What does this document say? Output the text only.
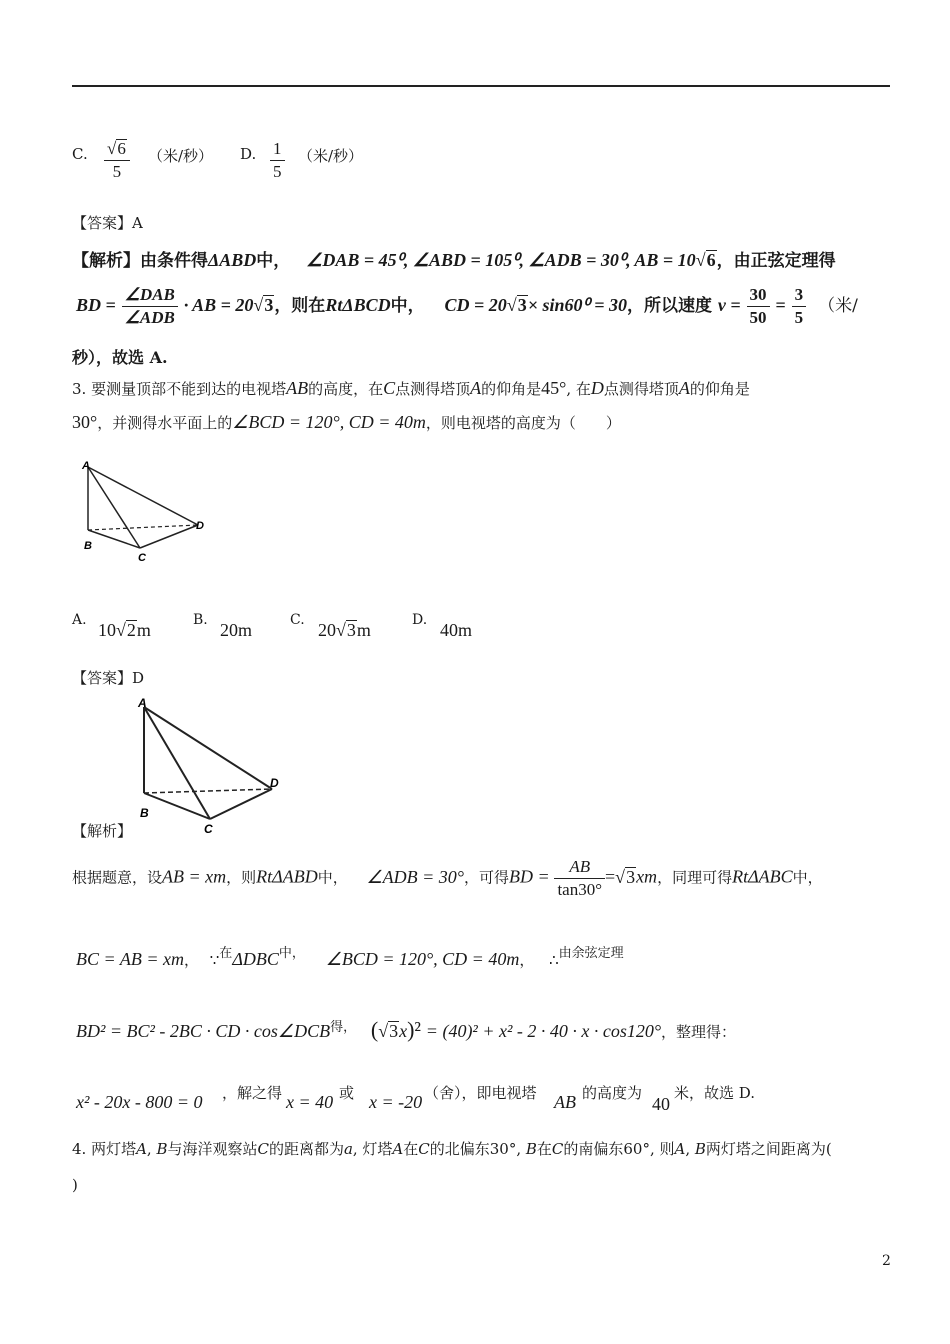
C. $\frac{√6}{5}$ （米/秒） D. $\frac{1}{5}$ （米/秒）
【答案】A
【解析】由条件得ΔABD中， ∠DAB = 45⁰, ∠ABD = 105⁰, ∠ADB = 30⁰, AB = 10√6，由正弦定理得
BD = $\frac{\text{∠DAB}}{\text{∠ADB}}$ · AB = 20√3，则在RtΔBCD中， CD = 20√3× sin60⁰ = 30，所以速度 $v = \frac{30}{50} = \frac{3}{5}$ （米/
秒），故选 A.
3. 要测量顶部不能到达的电视塔AB的高度，在C点测得塔顶A的仰角是45°, 在D点测得塔顶A的仰角是
30°，并测得水平面上的∠BCD = 120°, CD = 40m，则电视塔的高度为（　　）
A
B
C
D
A. 10√2m	B. 20m	C. 20√3m	D. 40m
【答案】D
A
B
C
D
【解析】
根据题意，设AB = xm，则RtΔABD中， ∠ADB = 30°，可得BD = $\frac{AB}{\tan 30^\circ} =√3xm$，同理可得RtΔABC中，
BC = AB = xm， ∵在ΔDBC中， ∠BCD = 120°, CD = 40m， ∴由余弦定理
BD² = BC² - 2BC · CD · cos∠DCB得， (√3x)² = (40)² + x² - 2 · 40 · x · cos120°，整理得：
x² - 20x - 800 = 0 ，解之得 x = 40 或 x = -20 （舍），即电视塔 AB 的高度为
40
米，故选 D.
4. 两灯塔𝐴, 𝐵与海洋观察站𝐶的距离都为𝑎, 灯塔𝐴在𝐶的北偏东30°, 𝐵在𝐶的南偏东60°, 则𝐴, 𝐵两灯塔之间距离为(
)
2
